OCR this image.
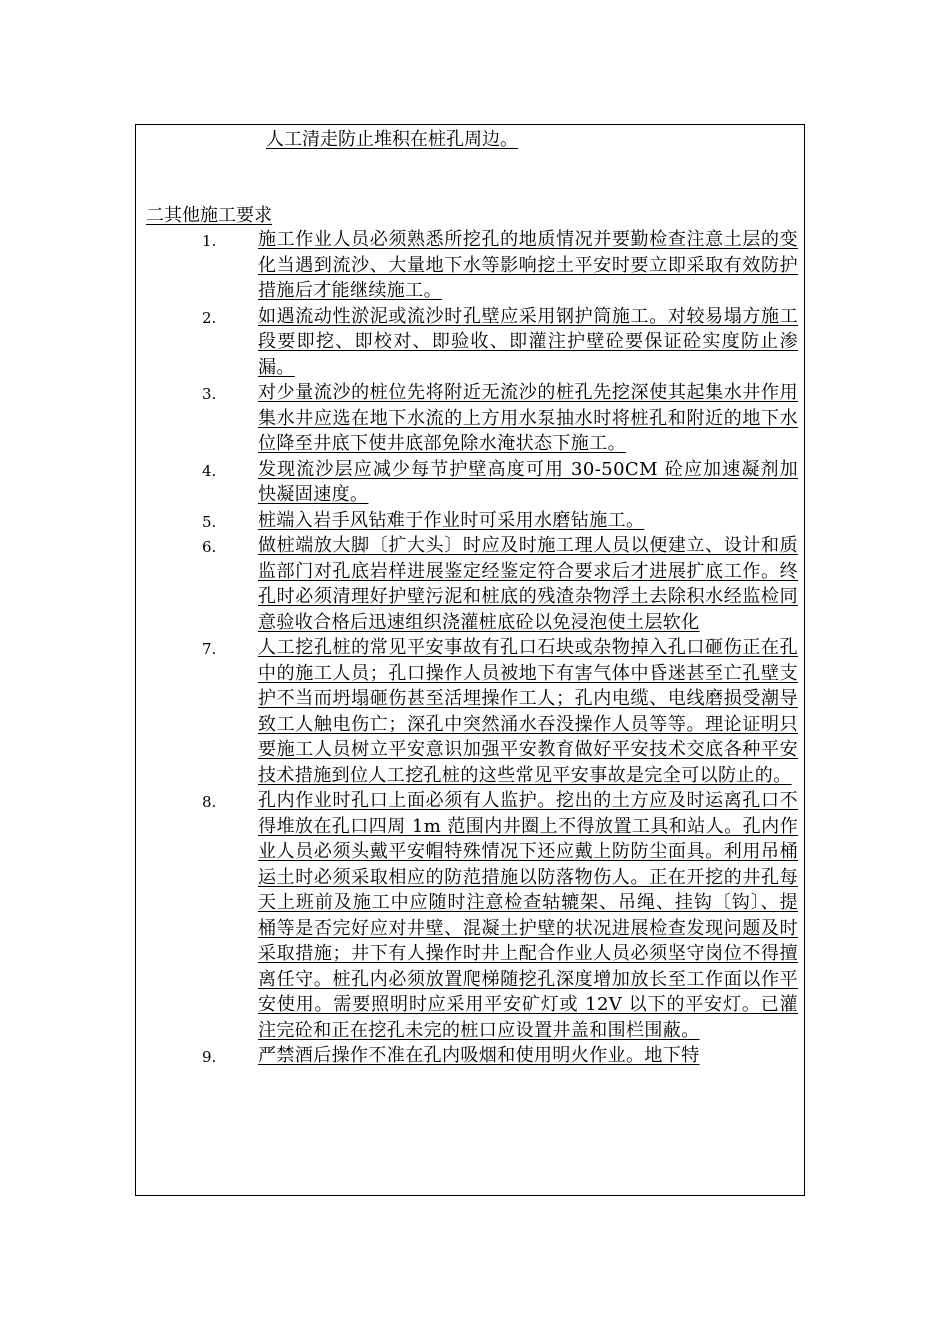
人工清走防止堆积在桩孔周边。
二其他施工要求
1. 施工作业人员必须熟悉所挖孔的地质情况并要勤检查注意土层的变化当遇到流沙、大量地下水等影响挖土平安时要立即采取有效防护措施后才能继续施工。
2. 如遇流动性淤泥或流沙时孔壁应采用钢护筒施工。对较易塌方施工段要即挖、即校对、即验收、即灌注护壁砼要保证砼实度防止渗漏。
3. 对少量流沙的桩位先将附近无流沙的桩孔先挖深使其起集水井作用集水井应选在地下水流的上方用水泵抽水时将桩孔和附近的地下水位降至井底下使井底部免除水淹状态下施工。
4. 发现流沙层应减少每节护壁高度可用 30-50CM 砼应加速凝剂加快凝固速度。
5. 桩端入岩手风钻难于作业时可采用水磨钻施工。
6. 做桩端放大脚〔扩大头〕时应及时施工理人员以便建立、设计和质监部门对孔底岩样进展鉴定经鉴定符合要求后才进展扩底工作。终孔时必须清理好护壁污泥和桩底的残渣杂物浮土去除积水经监检同意验收合格后迅速组织浇灌桩底砼以免浸泡使土层软化
7. 人工挖孔桩的常见平安事故有孔口石块或杂物掉入孔口砸伤正在孔中的施工人员；孔口操作人员被地下有害气体中昏迷甚至亡孔壁支护不当而坍塌砸伤甚至活埋操作工人；孔内电缆、电线磨损受潮导致工人触电伤亡；深孔中突然涌水吞没操作人员等等。理论证明只要施工人员树立平安意识加强平安教育做好平安技术交底各种平安技术措施到位人工挖孔桩的这些常见平安事故是完全可以防止的。
8. 孔内作业时孔口上面必须有人监护。挖出的土方应及时运离孔口不得堆放在孔口四周 1m 范围内井圈上不得放置工具和站人。孔内作业人员必须头戴平安帽特殊情况下还应戴上防防尘面具。利用吊桶运土时必须采取相应的防范措施以防落物伤人。正在开挖的井孔每天上班前及施工中应随时注意检查轱辘架、吊绳、挂钩〔钩〕、提桶等是否完好应对井壁、混凝土护壁的状况进展检查发现问题及时采取措施；井下有人操作时井上配合作业人员必须坚守岗位不得擅离任守。桩孔内必须放置爬梯随挖孔深度增加放长至工作面以作平安使用。需要照明时应采用平安矿灯或 12V 以下的平安灯。已灌注完砼和正在挖孔未完的桩口应设置井盖和围栏围蔽。
9. 严禁酒后操作不准在孔内吸烟和使用明火作业。地下特
